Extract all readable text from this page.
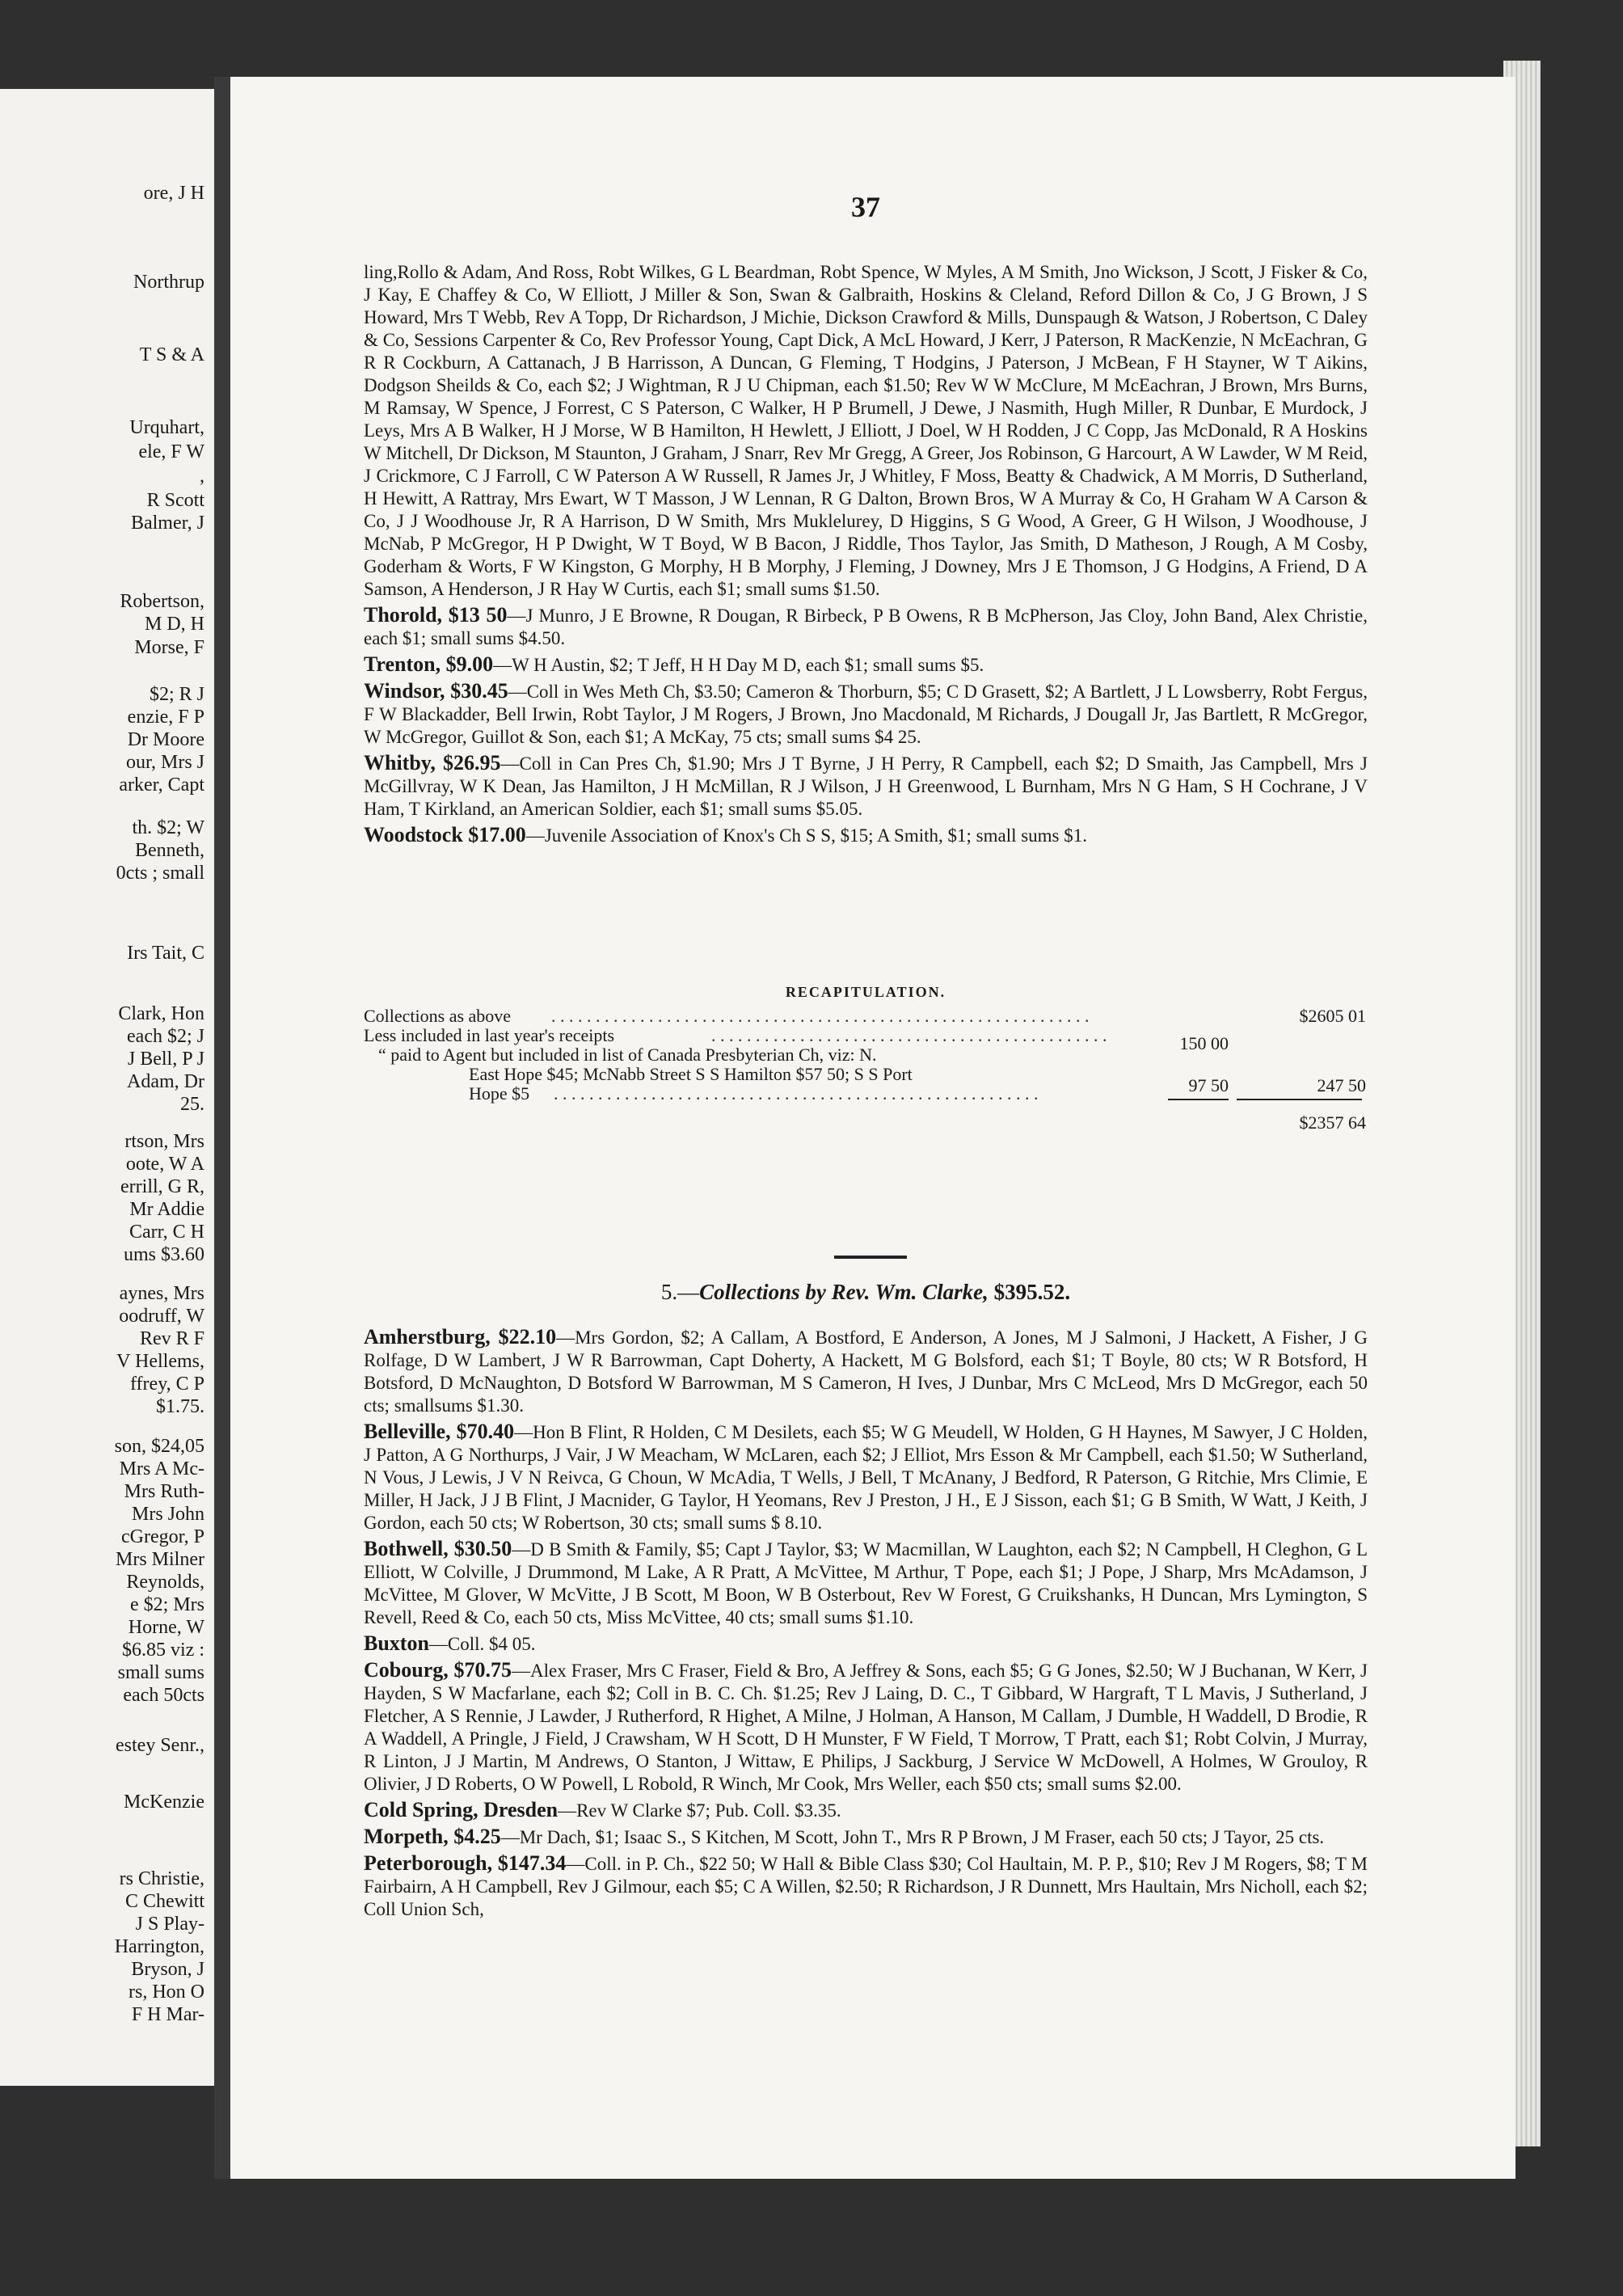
ore, J H
Northrup
T S & A
Urquhart,
ele, F W
,
R Scott
Balmer, J
Robertson,
M D, H
Morse, F
$2; R J
enzie, F P
Dr Moore
our, Mrs J
arker, Capt
th. $2; W
Benneth,
0cts ; small
Irs Tait, C
Clark, Hon
each $2; J
J Bell, P J
Adam, Dr
25.
rtson, Mrs
oote, W A
errill, G R,
Mr Addie
Carr, C H
ums $3.60
aynes, Mrs
oodruff, W
Rev R F
V Hellems,
ffrey, C P
$1.75.
son, $24,05
Mrs A Mc-
Mrs Ruth-
Mrs John
cGregor, P
Mrs Milner
Reynolds,
e $2; Mrs
Horne, W
$6.85 viz :
small sums
each 50cts
estey Senr.,
McKenzie
rs Christie,
C Chewitt
J S Play-
Harrington,
Bryson, J
rs, Hon O
F H Mar-
37

ling,Rollo & Adam, And Ross, Robt Wilkes, G L Beardman, Robt Spence, W Myles, A M Smith, Jno Wickson, J Scott, J Fisker & Co, J Kay, E Chaffey & Co, W Elliott, J Miller & Son, Swan & Galbraith, Hoskins & Cleland, Reford Dillon & Co, J G Brown, J S Howard, Mrs T Webb, Rev A Topp, Dr Richardson, J Michie, Dickson Crawford & Mills, Dunspaugh & Watson, J Robertson, C Daley & Co, Sessions Carpenter & Co, Rev Professor Young, Capt Dick, A McL Howard, J Kerr, J Paterson, R MacKenzie, N McEachran, G R R Cockburn, A Cattanach, J B Harrisson, A Duncan, G Fleming, T Hodgins, J Paterson, J McBean, F H Stayner, W T Aikins, Dodgson Sheilds & Co, each $2; J Wightman, R J U Chipman, each $1.50; Rev W W McClure, M McEachran, J Brown, Mrs Burns, M Ramsay, W Spence, J Forrest, C S Paterson, C Walker, H P Brumell, J Dewe, J Nasmith, Hugh Miller, R Dunbar, E Murdock, J Leys, Mrs A B Walker, H J Morse, W B Hamilton, H Hewlett, J Elliott, J Doel, W H Rodden, J C Copp, Jas McDonald, R A Hoskins W Mitchell, Dr Dickson, M Staunton, J Graham, J Snarr, Rev Mr Gregg, A Greer, Jos Robinson, G Harcourt, A W Lawder, W M Reid, J Crickmore, C J Farroll, C W Paterson A W Russell, R James Jr, J Whitley, F Moss, Beatty & Chadwick, A M Morris, D Sutherland, H Hewitt, A Rattray, Mrs Ewart, W T Masson, J W Lennan, R G Dalton, Brown Bros, W A Murray & Co, H Graham W A Carson & Co, J J Woodhouse Jr, R A Harrison, D W Smith, Mrs Muklelurey, D Higgins, S G Wood, A Greer, G H Wilson, J Woodhouse, J McNab, P McGregor, H P Dwight, W T Boyd, W B Bacon, J Riddle, Thos Taylor, Jas Smith, D Matheson, J Rough, A M Cosby, Goderham & Worts, F W Kingston, G Morphy, H B Morphy, J Fleming, J Downey, Mrs J E Thomson, J G Hodgins, A Friend, D A Samson, A Henderson, J R Hay W Curtis, each $1; small sums $1.50.

Thorold, $13 50—J Munro, J E Browne, R Dougan, R Birbeck, P B Owens, R B McPherson, Jas Cloy, John Band, Alex Christie, each $1; small sums $4.50.

Trenton, $9.00—W H Austin, $2; T Jeff, H H Day M D, each $1; small sums $5.

Windsor, $30.45—Coll in Wes Meth Ch, $3.50; Cameron & Thorburn, $5; C D Grasett, $2; A Bartlett, J L Lowsberry, Robt Fergus, F W Blackadder, Bell Irwin, Robt Taylor, J M Rogers, J Brown, Jno Macdonald, M Richards, J Dougall Jr, Jas Bartlett, R McGregor, W McGregor, Guillot & Son, each $1; A McKay, 75 cts; small sums $4 25.

Whitby, $26.95—Coll in Can Pres Ch, $1.90; Mrs J T Byrne, J H Perry, R Campbell, each $2; D Smaith, Jas Campbell, Mrs J McGillvray, W K Dean, Jas Hamilton, J H McMillan, R J Wilson, J H Greenwood, L Burnham, Mrs N G Ham, S H Cochrane, J V Ham, T Kirkland, an American Soldier, each $1; small sums $5.05.

Woodstock $17.00—Juvenile Association of Knox's Ch S S, $15; A Smith, $1; small sums $1.

RECAPITULATION.
Collections as above . . . . . . . . . . . . . . . . . . . . . . . . . . . . . . . . . . . . . . . . . . . . . . . . . . . . . . . . . . . . .	$2605 01
Less included in last year's receipts	. . . . . . . . . . . . . . . . . . . . . . . . . . . . . . . . . . . . . . . . . . . . .	150 00
“ paid to Agent but included in list of Canada Presbyterian Ch, viz: N.
East Hope $45; McNabb Street S S Hamilton $57 50; S S Port
Hope $5 . . . . . . . . . . . . . . . . . . . . . . . . . . . . . . . . . . . . . . . . . . . . . . . . . . . . . . .	97 50	247 50
$2357 64
5.—Collections by Rev. Wm. Clarke, $395.52.

Amherstburg, $22.10—Mrs Gordon, $2; A Callam, A Bostford, E Anderson, A Jones, M J Salmoni, J Hackett, A Fisher, J G Rolfage, D W Lambert, J W R Barrowman, Capt Doherty, A Hackett, M G Bolsford, each $1; T Boyle, 80 cts; W R Botsford, H Botsford, D McNaughton, D Botsford W Barrowman, M S Cameron, H Ives, J Dunbar, Mrs C McLeod, Mrs D McGregor, each 50 cts; smallsums $1.30.

Belleville, $70.40—Hon B Flint, R Holden, C M Desilets, each $5; W G Meudell, W Holden, G H Haynes, M Sawyer, J C Holden, J Patton, A G Northurps, J Vair, J W Meacham, W McLaren, each $2; J Elliot, Mrs Esson & Mr Campbell, each $1.50; W Sutherland, N Vous, J Lewis, J V N Reivca, G Choun, W McAdia, T Wells, J Bell, T McAnany, J Bedford, R Paterson, G Ritchie, Mrs Climie, E Miller, H Jack, J J B Flint, J Macnider, G Taylor, H Yeomans, Rev J Preston, J H., E J Sisson, each $1; G B Smith, W Watt, J Keith, J Gordon, each 50 cts; W Robertson, 30 cts; small sums $ 8.10.

Bothwell, $30.50—D B Smith & Family, $5; Capt J Taylor, $3; W Macmillan, W Laughton, each $2; N Campbell, H Cleghon, G L Elliott, W Colville, J Drummond, M Lake, A R Pratt, A McVittee, M Arthur, T Pope, each $1; J Pope, J Sharp, Mrs McAdamson, J McVittee, M Glover, W McVitte, J B Scott, M Boon, W B Osterbout, Rev W Forest, G Cruikshanks, H Duncan, Mrs Lymington, S Revell, Reed & Co, each 50 cts, Miss McVittee, 40 cts; small sums $1.10.

Buxton—Coll. $4 05.

Cobourg, $70.75—Alex Fraser, Mrs C Fraser, Field & Bro, A Jeffrey & Sons, each $5; G G Jones, $2.50; W J Buchanan, W Kerr, J Hayden, S W Macfarlane, each $2; Coll in B. C. Ch. $1.25; Rev J Laing, D. C., T Gibbard, W Hargraft, T L Mavis, J Sutherland, J Fletcher, A S Rennie, J Lawder, J Rutherford, R Highet, A Milne, J Holman, A Hanson, M Callam, J Dumble, H Waddell, D Brodie, R A Waddell, A Pringle, J Field, J Crawsham, W H Scott, D H Munster, F W Field, T Morrow, T Pratt, each $1; Robt Colvin, J Murray, R Linton, J J Martin, M Andrews, O Stanton, J Wittaw, E Philips, J Sackburg, J Service W McDowell, A Holmes, W Grouloy, R Olivier, J D Roberts, O W Powell, L Robold, R Winch, Mr Cook, Mrs Weller, each $50 cts; small sums $2.00.

Cold Spring, Dresden—Rev W Clarke $7; Pub. Coll. $3.35.

Morpeth, $4.25—Mr Dach, $1; Isaac S., S Kitchen, M Scott, John T., Mrs R P Brown, J M Fraser, each 50 cts; J Tayor, 25 cts.

Peterborough, $147.34—Coll. in P. Ch., $22 50; W Hall & Bible Class $30; Col Haultain, M. P. P., $10; Rev J M Rogers, $8; T M Fairbairn, A H Campbell, Rev J Gilmour, each $5; C A Willen, $2.50; R Richardson, J R Dunnett, Mrs Haultain, Mrs Nicholl, each $2; Coll Union Sch,
